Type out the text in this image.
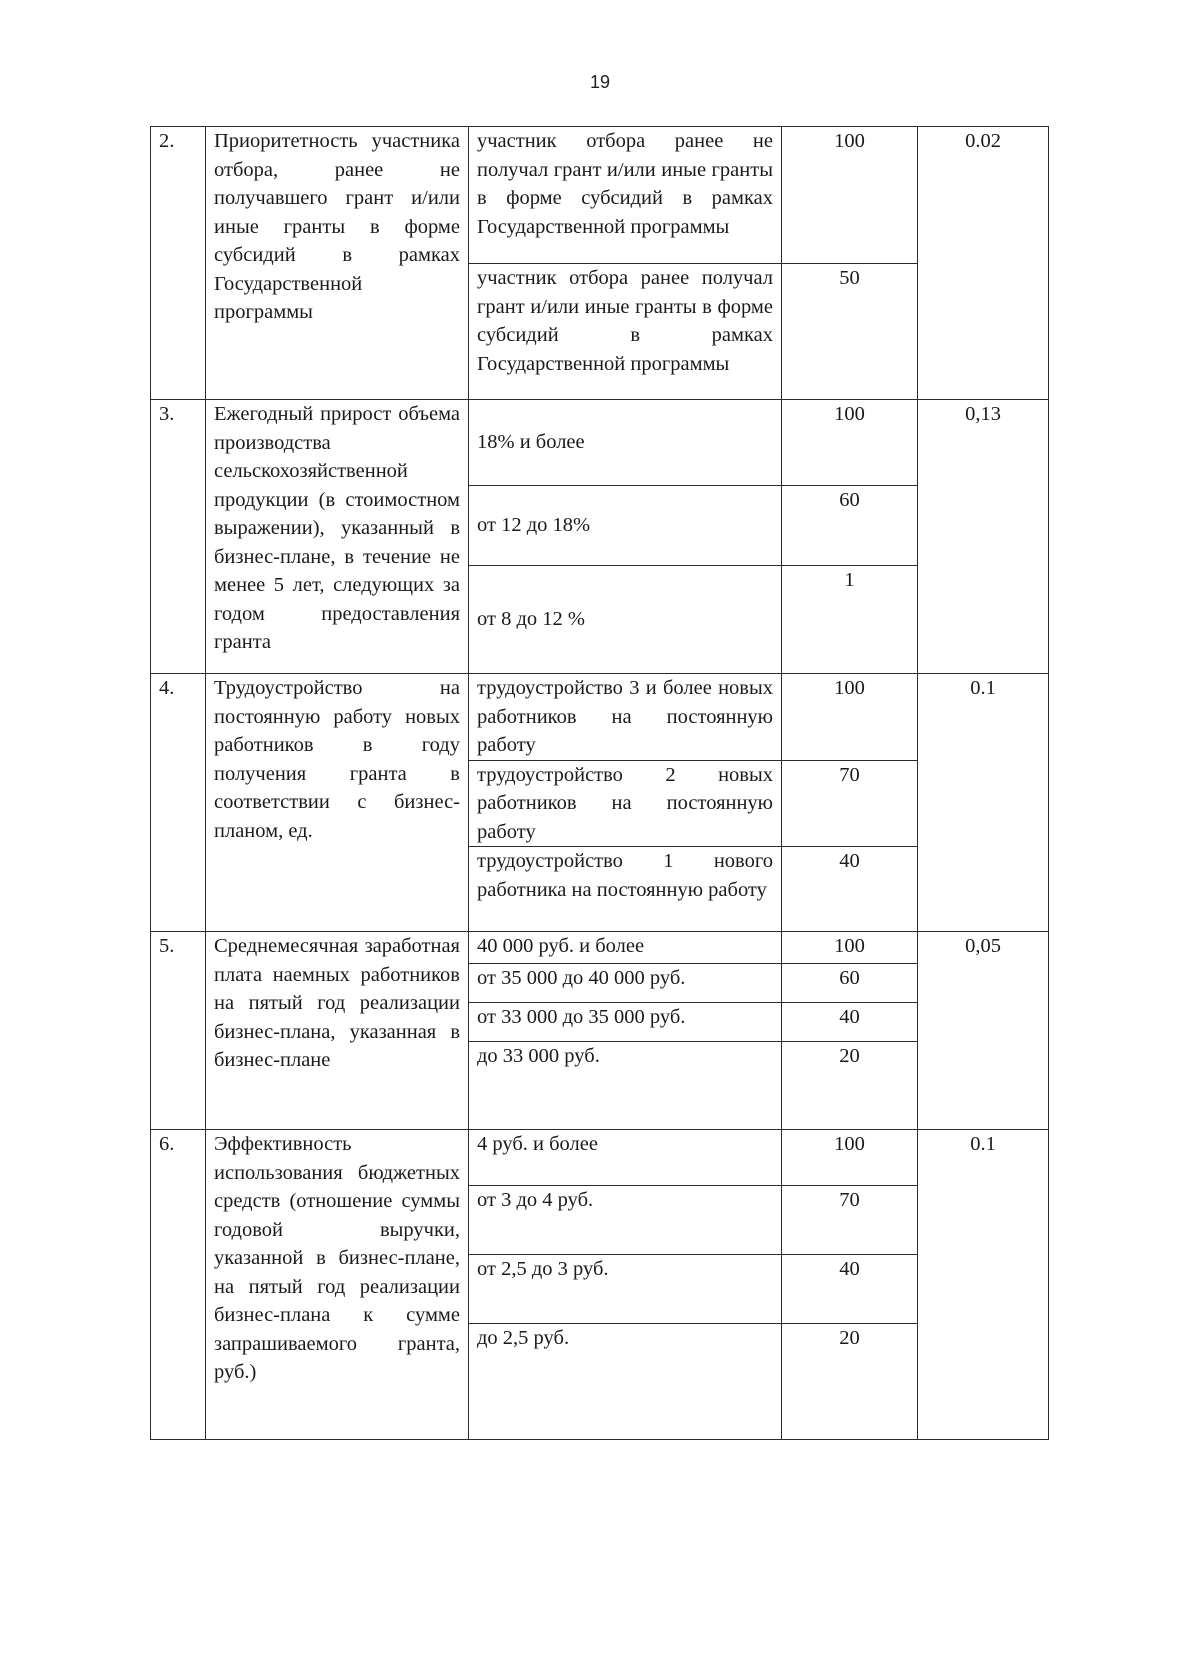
19
2.	Приоритетность участника отбора, ранее не получавшего грант и/или иные гранты в форме субсидий в рамках Государственной программы	участник отбора ранее не получал грант и/или иные гранты в форме субсидий в рамках Государственной программы	100	0.02
		участник отбора ранее получал грант и/или иные гранты в форме субсидий в рамках Государственной программы	50	
3.	Ежегодный прирост объема производства сельскохозяйственной продукции (в стоимостном выражении), указанный в бизнес-плане, в течение не менее 5 лет, следующих за годом предоставления гранта	18% и более	100	0,13
		от 12 до 18%	60	
		от 8 до 12 %	1	
4.	Трудоустройство на постоянную работу новых работников в году получения гранта в соответствии с бизнес-планом, ед.	трудоустройство 3 и более новых работников на постоянную работу	100	0.1
		трудоустройство 2 новых работников на постоянную работу	70	
		трудоустройство 1 нового работника на постоянную работу	40	
5.	Среднемесячная заработная плата наемных работников на пятый год реализации бизнес-плана, указанная в бизнес-плане	40 000 руб. и более	100	0,05
		от 35 000 до 40 000 руб.	60	
		от 33 000 до 35 000 руб.	40	
		до 33 000 руб.	20	
6.	Эффективность использования бюджетных средств (отношение суммы годовой выручки, указанной в бизнес-плане, на пятый год реализации бизнес-плана к сумме запрашиваемого гранта, руб.)	4 руб. и более	100	0.1
		от 3 до 4 руб.	70	
		от 2,5 до 3 руб.	40	
		до 2,5 руб.	20	
